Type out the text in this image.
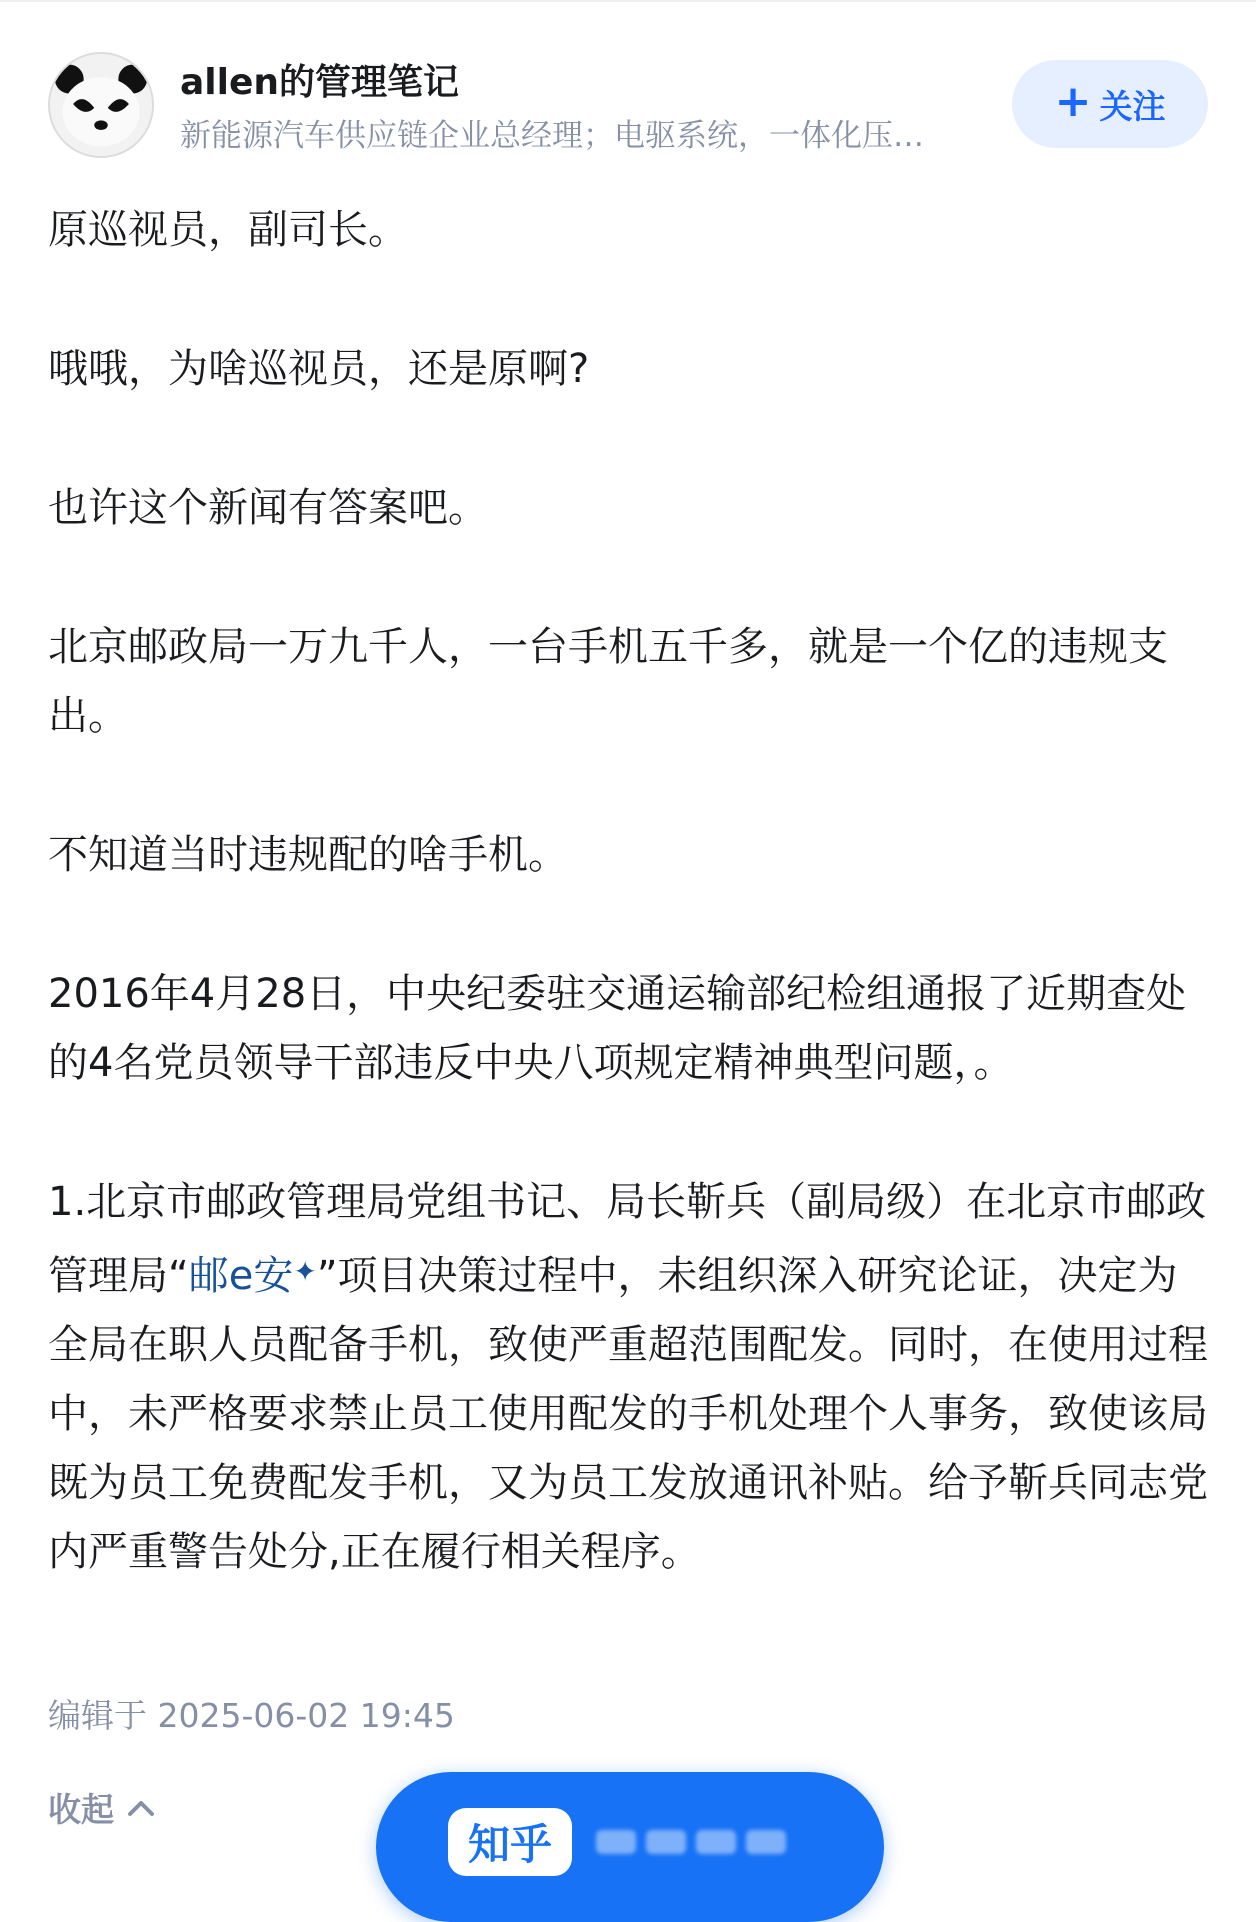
allen的管理笔记
新能源汽车供应链企业总经理；电驱系统，一体化压…
+ 关注

原巡视员，副司长。

哦哦，为啥巡视员，还是原啊?

也许这个新闻有答案吧。

北京邮政局一万九千人，一台手机五千多，就是一个亿的违规支出。

不知道当时违规配的啥手机。

2016年4月28日，中央纪委驻交通运输部纪检组通报了近期查处的4名党员领导干部违反中央八项规定精神典型问题，。

1.北京市邮政管理局党组书记、局长靳兵（副局级）在北京市邮政管理局“邮e安✦”项目决策过程中，未组织深入研究论证，决定为全局在职人员配备手机，致使严重超范围配发。同时，在使用过程中，未严格要求禁止员工使用配发的手机处理个人事务，致使该局既为员工免费配发手机，又为员工发放通讯补贴。给予靳兵同志党内严重警告处分,正在履行相关程序。

编辑于 2025-06-02 19:45
收起
知乎
